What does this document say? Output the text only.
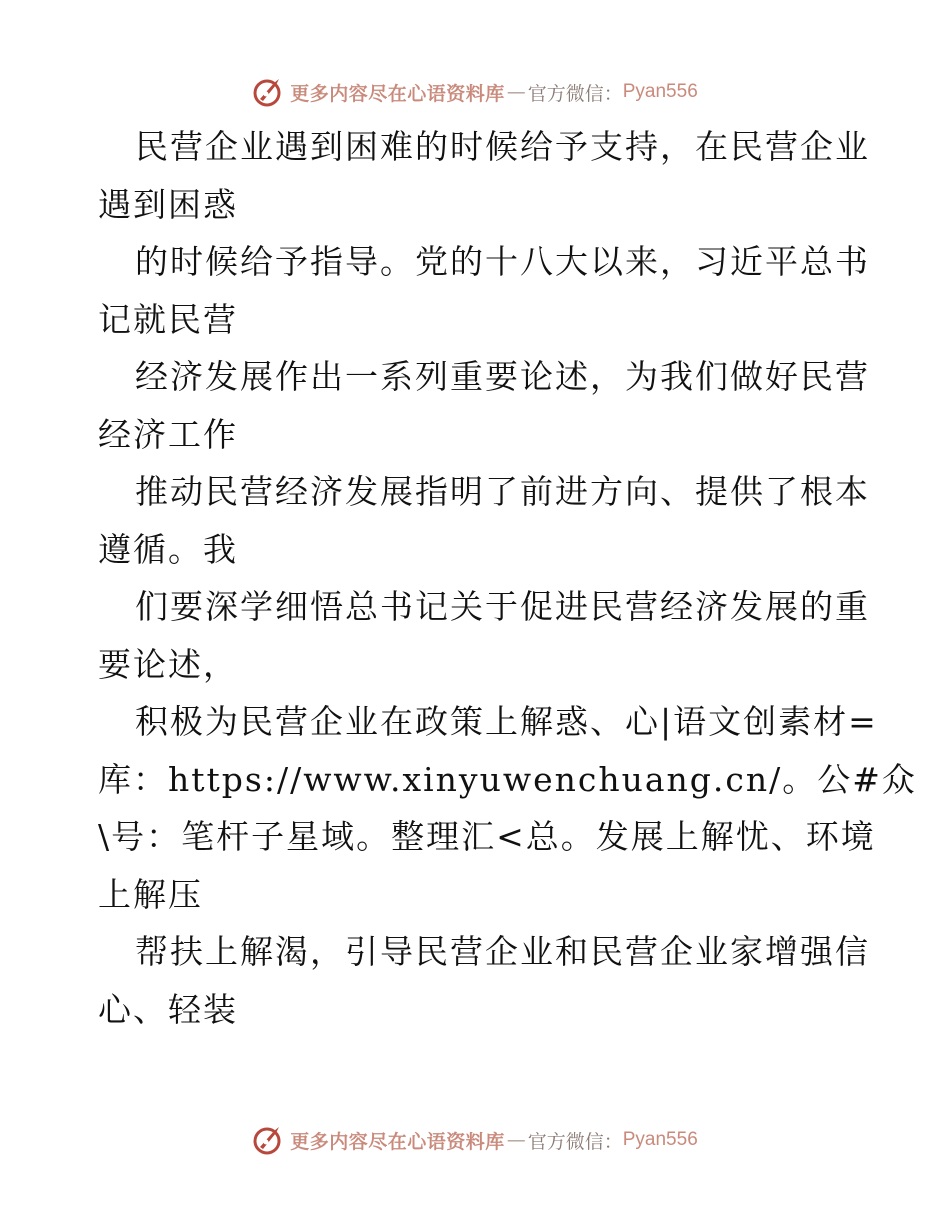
更多内容尽在心语资料库 — 官方微信： Pyan556
民营企业遇到困难的时候给予支持，在民营企业
遇到困惑
的时候给予指导。党的十八大以来，习近平总书
记就民营
经济发展作出一系列重要论述，为我们做好民营
经济工作
推动民营经济发展指明了前进方向、提供了根本
遵循。我
们要深学细悟总书记关于促进民营经济发展的重
要论述，
积极为民营企业在政策上解惑、心|语文创素材=
库：https://www.xinyuwenchuang.cn/。公#众
\号：笔杆子星域。整理汇<总。发展上解忧、环境
上解压
帮扶上解渴，引导民营企业和民营企业家增强信
心、轻装
更多内容尽在心语资料库 — 官方微信： Pyan556
